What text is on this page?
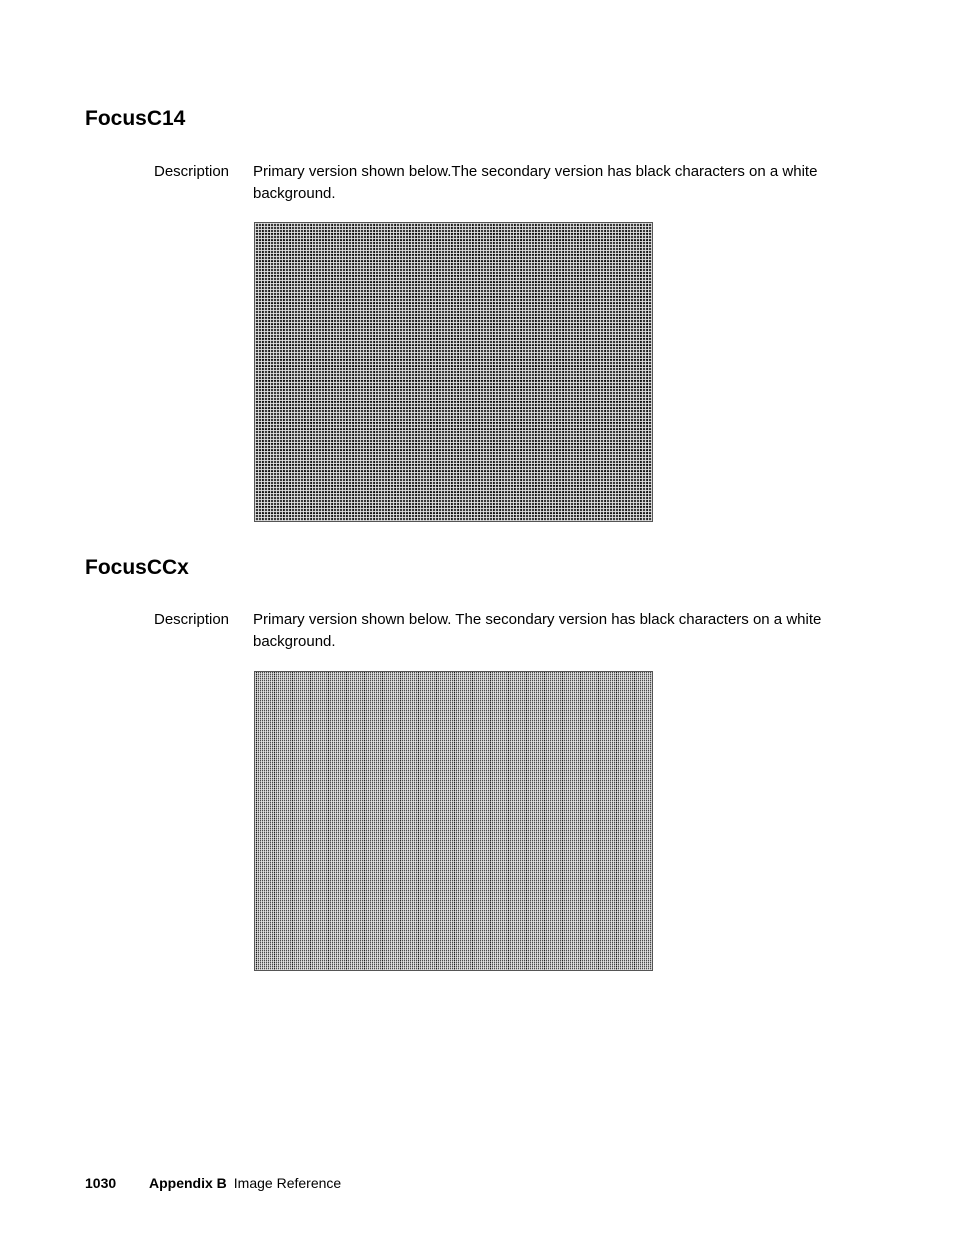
FocusC14
Description Primary version shown below.The secondary version has black characters on a white background.
FocusCCx
Description Primary version shown below. The secondary version has black characters on a white background.
1030 Appendix B Image Reference
